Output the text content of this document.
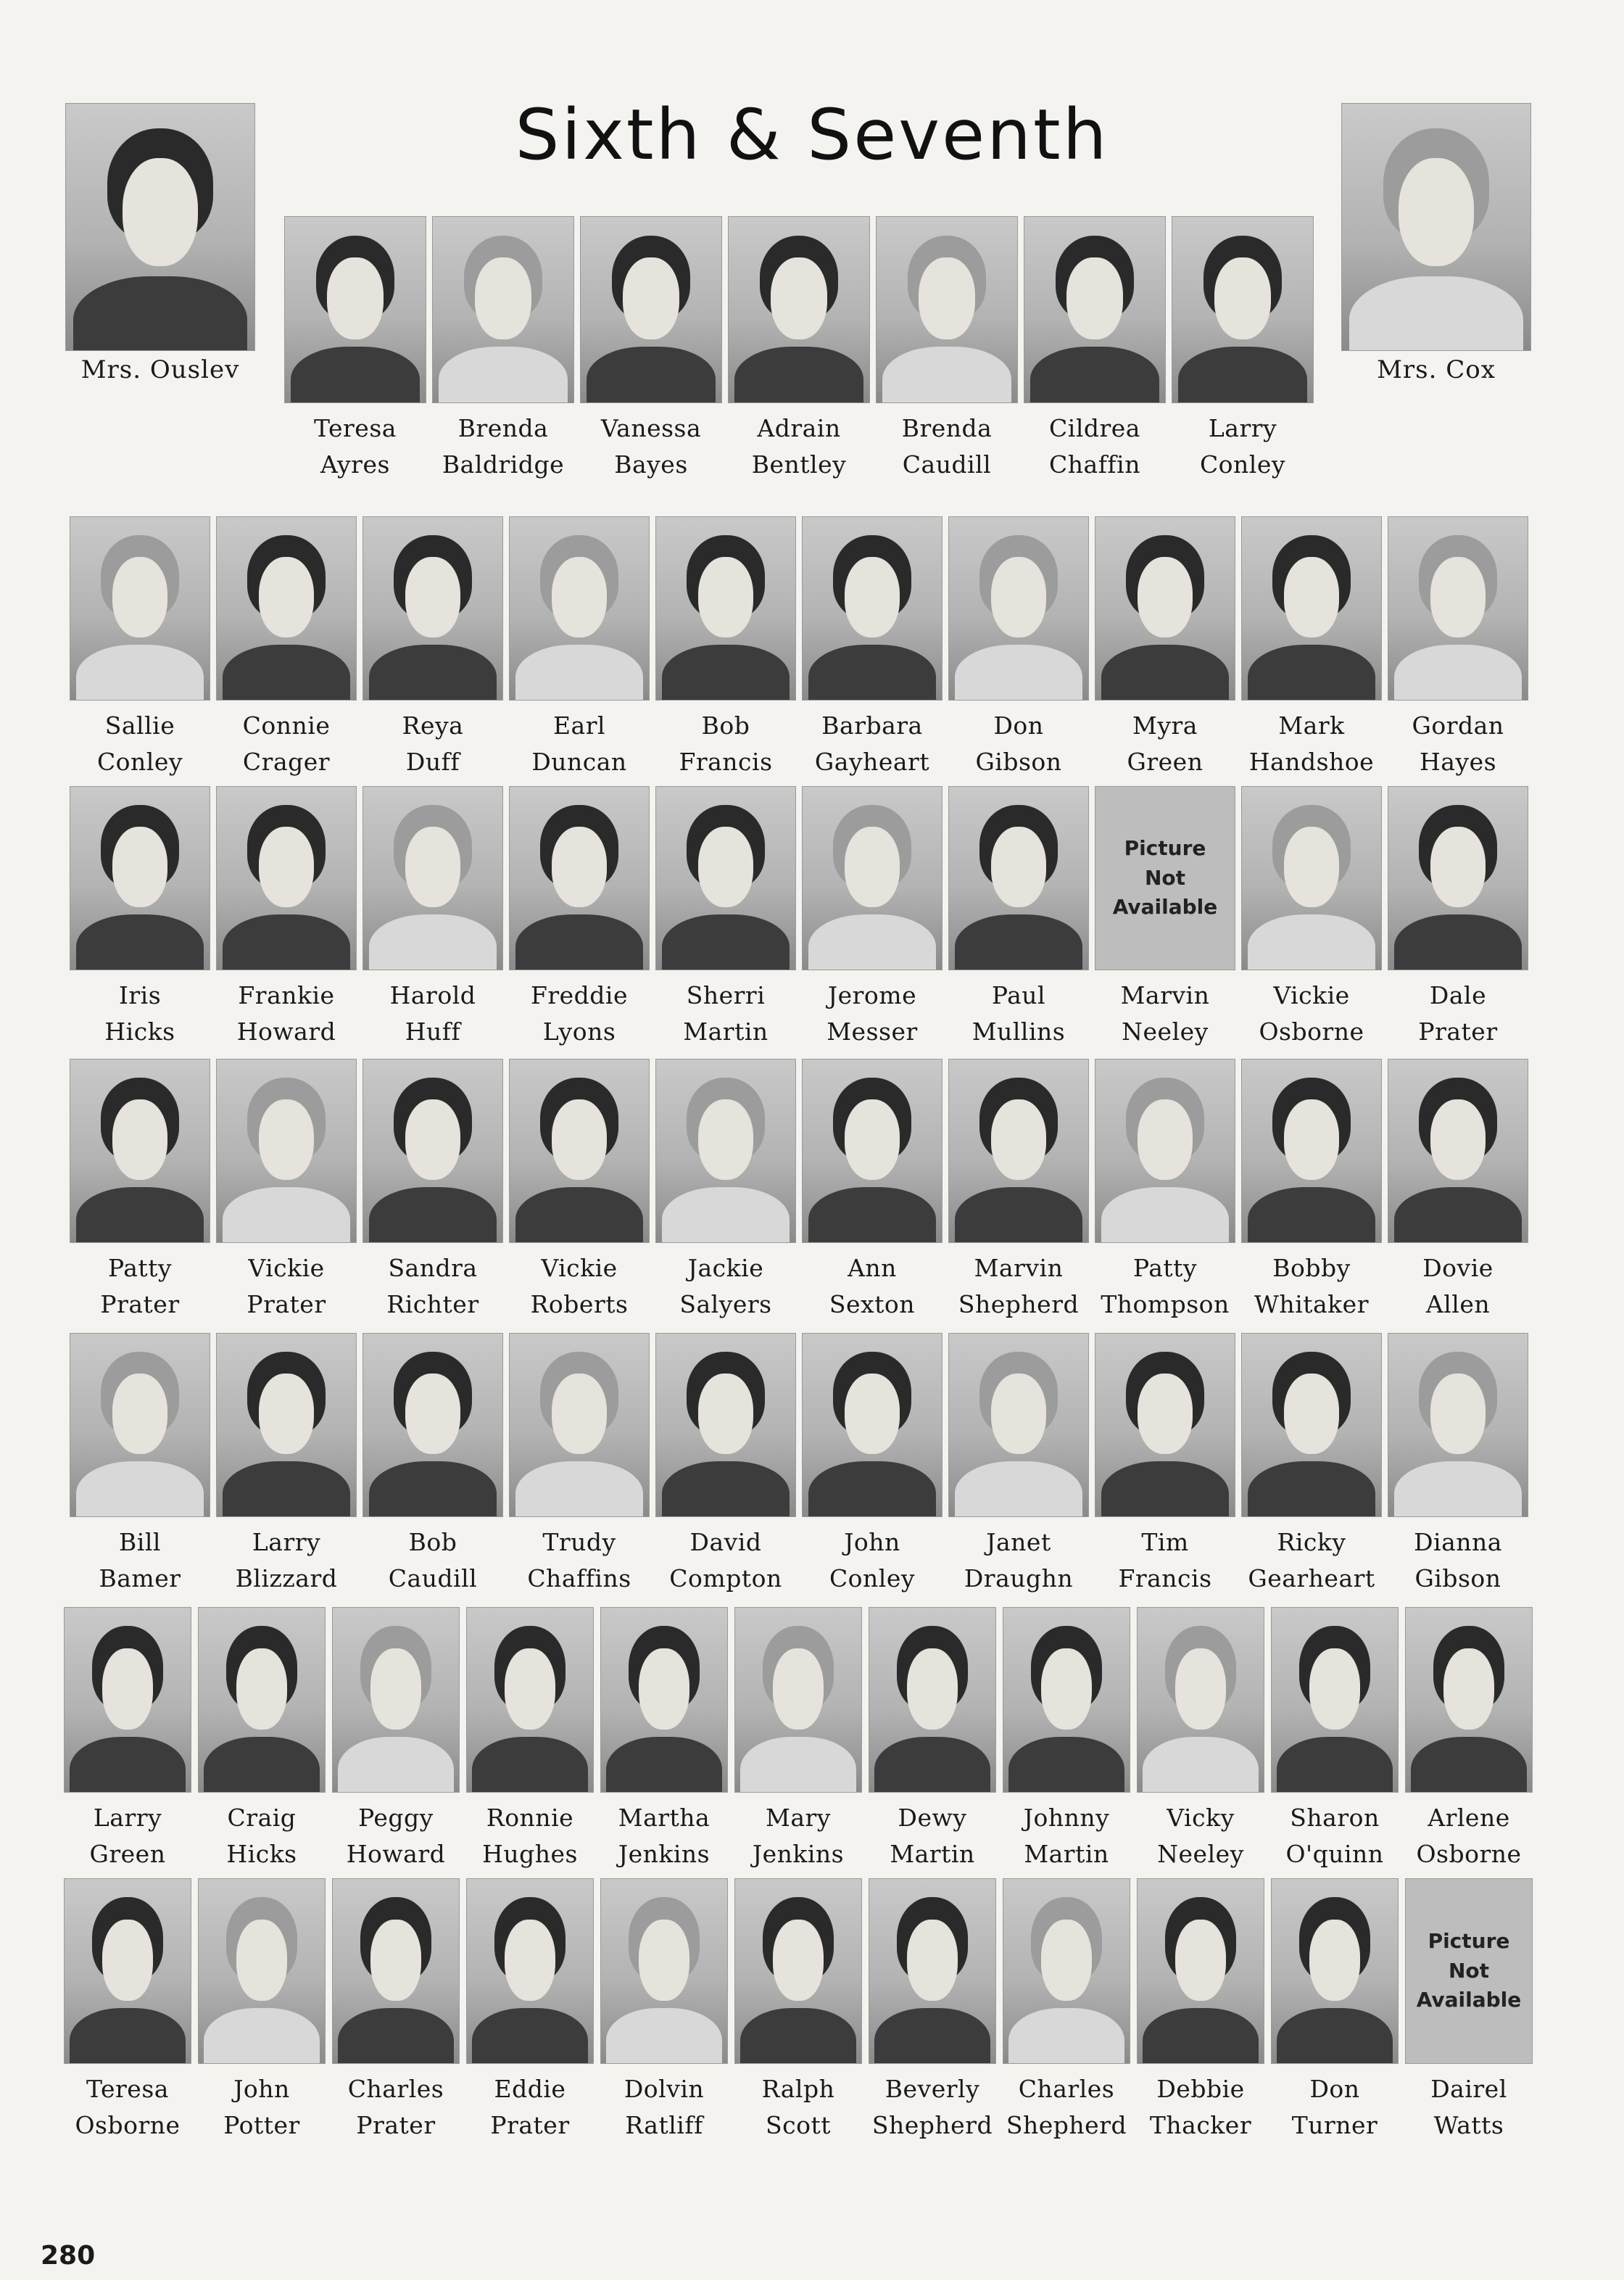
Sixth & Seventh
Mrs. Ouslev	Mrs. Cox
Teresa
Ayres
Brenda
Baldridge
Vanessa
Bayes
Adrain
Bentley
Brenda
Caudill
Cildrea
Chaffin
Larry
Conley
Sallie
Conley
Connie
Crager
Reya
Duff
Earl
Duncan
Bob
Francis
Barbara
Gayheart
Don
Gibson
Myra
Green
Mark
Handshoe
Gordan
Hayes
Iris
Hicks
Frankie
Howard
Harold
Huff
Freddie
Lyons
Sherri
Martin
Jerome
Messer
Paul
Mullins
Picture
Not
Available
Marvin
Neeley
Vickie
Osborne
Dale
Prater
Patty
Prater
Vickie
Prater
Sandra
Richter
Vickie
Roberts
Jackie
Salyers
Ann
Sexton
Marvin
Shepherd
Patty
Thompson
Bobby
Whitaker
Dovie
Allen
Bill
Bamer
Larry
Blizzard
Bob
Caudill
Trudy
Chaffins
David
Compton
John
Conley
Janet
Draughn
Tim
Francis
Ricky
Gearheart
Dianna
Gibson
Larry
Green
Craig
Hicks
Peggy
Howard
Ronnie
Hughes
Martha
Jenkins
Mary
Jenkins
Dewy
Martin
Johnny
Martin
Vicky
Neeley
Sharon
O'quinn
Arlene
Osborne
Teresa
Osborne
John
Potter
Charles
Prater
Eddie
Prater
Dolvin
Ratliff
Ralph
Scott
Beverly
Shepherd
Charles
Shepherd
Debbie
Thacker
Don
Turner
Picture
Not
Available
Dairel
Watts
280
